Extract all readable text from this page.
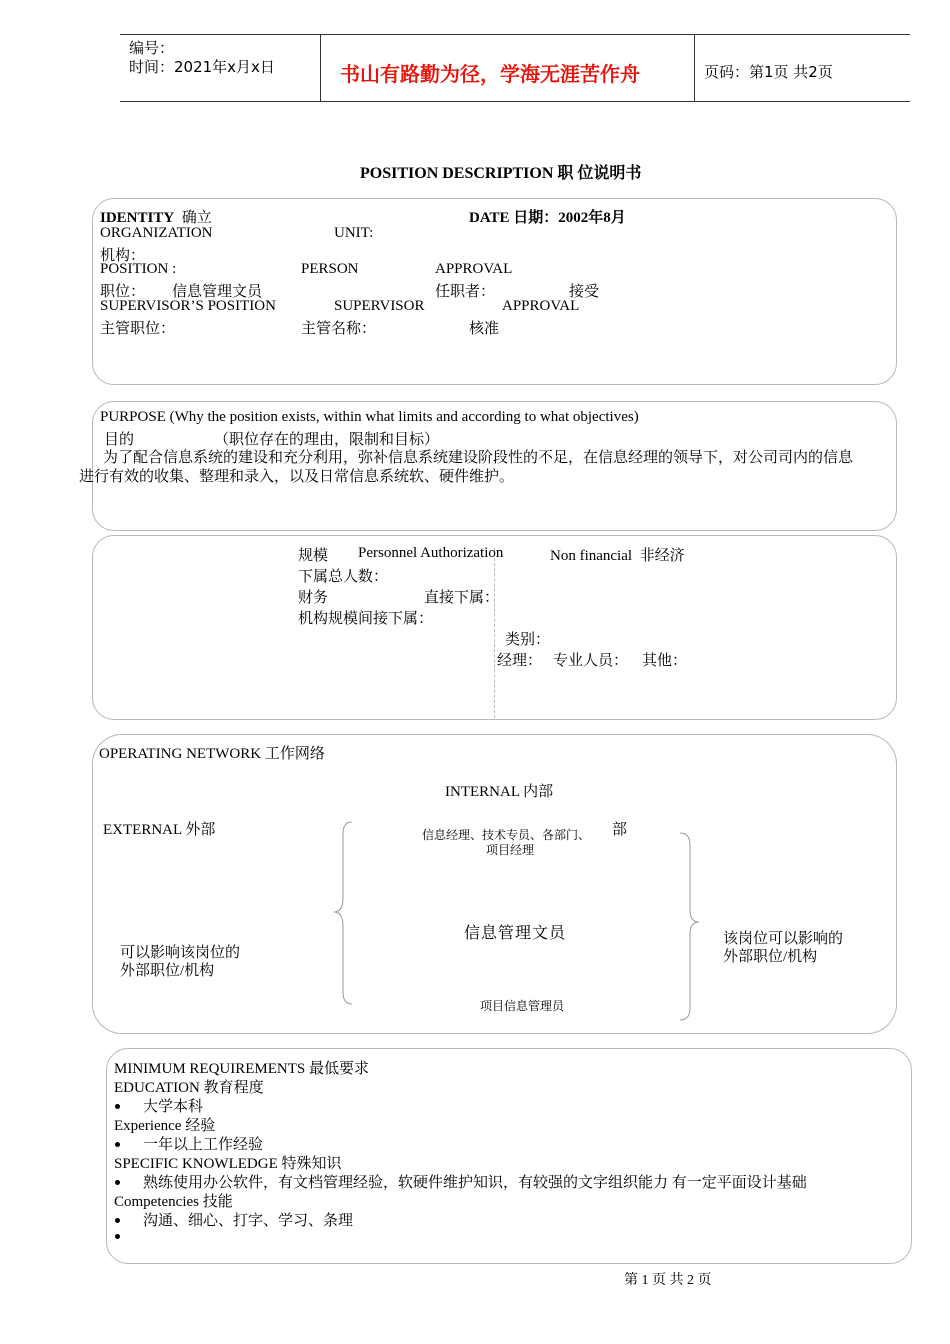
编号：
时间：2021年x月x日	书山有路勤为径，学海无涯苦作舟	页码：第1页 共2页
POSITION DESCRIPTION 职 位说明书
IDENTITY 确立	DATE 日期：2002年8月
ORGANIZATION	UNIT:
机构：
POSITION :	PERSON	APPROVAL
职位： 信息管理文员	任职者：	接受
SUPERVISOR’S POSITION	SUPERVISOR	APPROVAL
主管职位：	主管名称：	核准
PURPOSE (Why the position exists, within what limits and according to what objectives)
目的	（职位存在的理由，限制和目标）
为了配合信息系统的建设和充分利用，弥补信息系统建设阶段性的不足，在信息经理的领导下，对公司司内的信息
进行有效的收集、整理和录入，以及日常信息系统软、硬件维护。
规模 Personnel Authorization	Non financial 非经济
下属总人数：
财务	直接下属：
机构规模间接下属：
类别：
经理： 专业人员： 其他：
OPERATING NETWORK 工作网络
INTERNAL 内部
EXTERNAL 外部	信息经理、技术专员、各部门、
项目经理
部
信息管理文员
项目信息管理员
可以影响该岗位的
外部职位/机构
该岗位可以影响的
外部职位/机构
MINIMUM REQUIREMENTS 最低要求
EDUCATION 教育程度
大学本科
Experience 经验
一年以上工作经验
SPECIFIC KNOWLEDGE 特殊知识
熟练使用办公软件，有文档管理经验，软硬件维护知识，有较强的文字组织能力 有一定平面设计基础
Competencies 技能
沟通、细心、打字、学习、条理
第 1 页 共 2 页
